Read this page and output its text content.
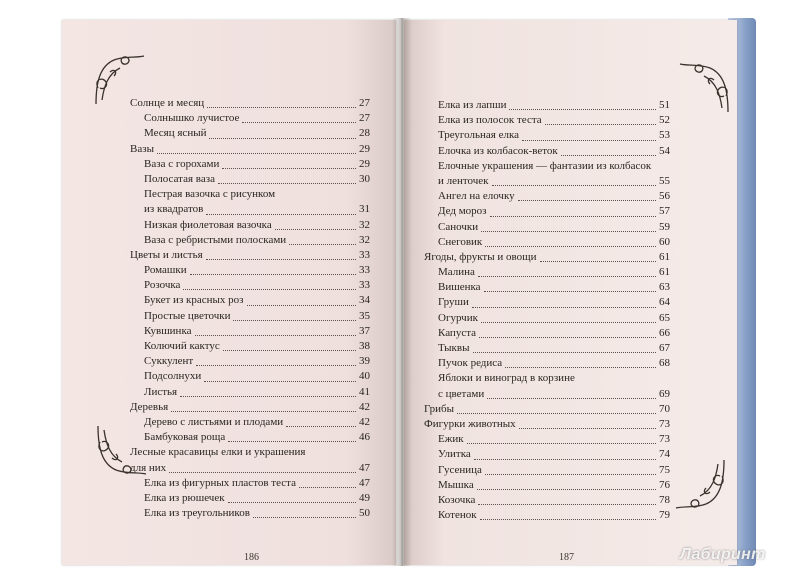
Солнце и месяц	27
Солнышко лучистое	27
Месяц ясный	28
Вазы	29
Ваза с горохами	29
Полосатая ваза	30
Пестрая вазочка с рисунком
из квадратов	31
Низкая фиолетовая вазочка	32
Ваза с ребристыми полосками	32
Цветы и листья	33
Ромашки	33
Розочка	33
Букет из красных роз	34
Простые цветочки	35
Кувшинка	37
Колючий кактус	38
Суккулент	39
Подсолнухи	40
Листья	41
Деревья	42
Дерево с листьями и плодами	42
Бамбуковая роща	46
Лесные красавицы елки и украшения
для них	47
Елка из фигурных пластов теста	47
Елка из рюшечек	49
Елка из треугольников	50
Елка из лапши	51
Елка из полосок теста	52
Треугольная елка	53
Елочка из колбасок-веток	54
Елочные украшения — фантазии из колбасок
и ленточек	55
Ангел на елочку	56
Дед мороз	57
Саночки	59
Снеговик	60
Ягоды, фрукты и овощи	61
Малина	61
Вишенка	63
Груши	64
Огурчик	65
Капуста	66
Тыквы	67
Пучок редиса	68
Яблоки и виноград в корзине
с цветами	69
Грибы	70
Фигурки животных	73
Ежик	73
Улитка	74
Гусеница	75
Мышка	76
Козочка	78
Котенок	79
186	187	Лабиринт
